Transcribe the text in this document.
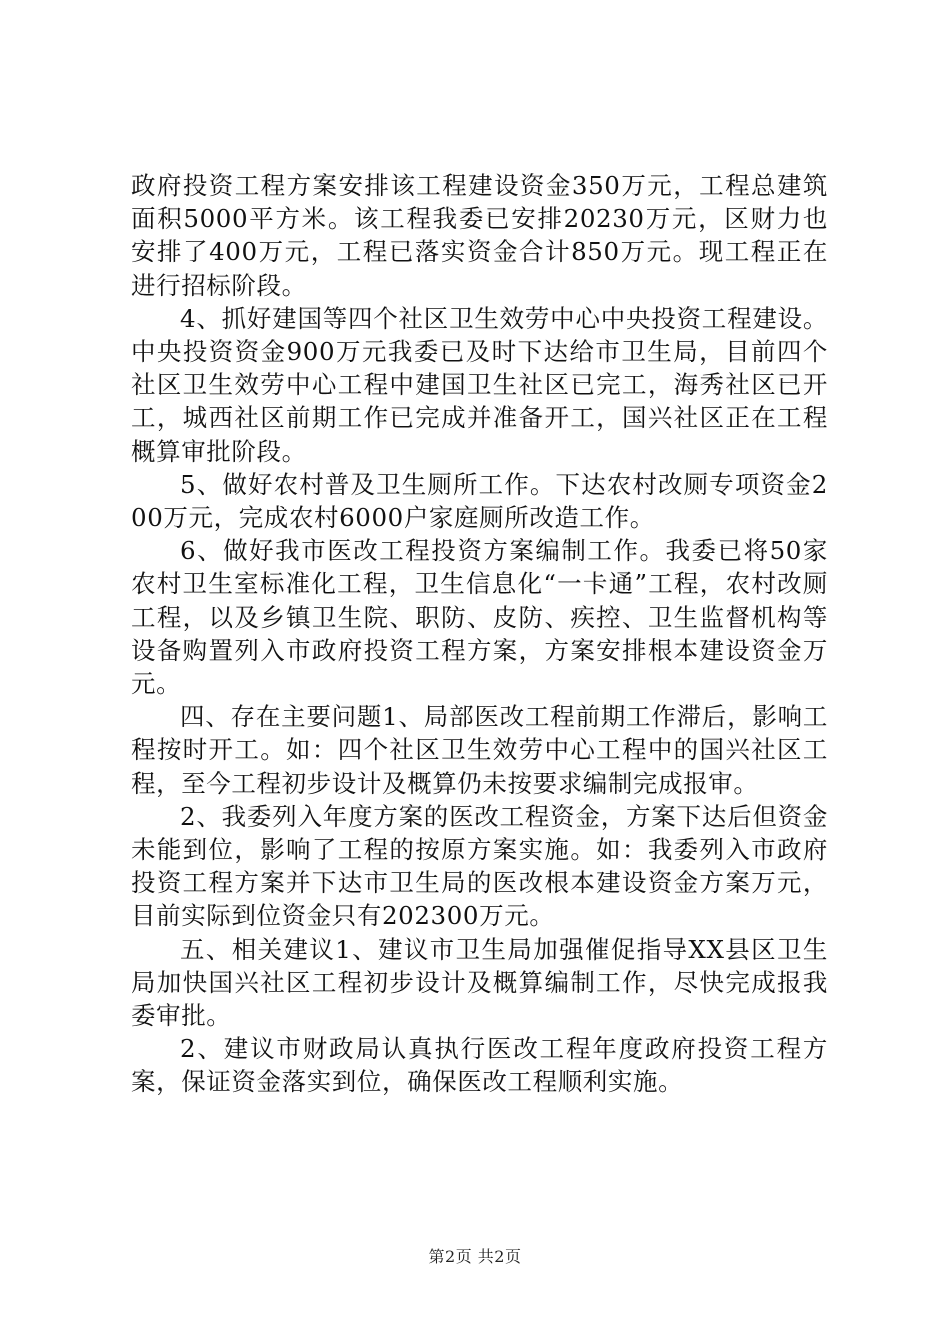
政府投资工程方案安排该工程建设资金350万元，工程总建筑面积5000平方米。该工程我委已安排20230万元，区财力也安排了400万元，工程已落实资金合计850万元。现工程正在进行招标阶段。

4、抓好建国等四个社区卫生效劳中心中央投资工程建设。中央投资资金900万元我委已及时下达给市卫生局，目前四个社区卫生效劳中心工程中建国卫生社区已完工，海秀社区已开工，城西社区前期工作已完成并准备开工，国兴社区正在工程概算审批阶段。

5、做好农村普及卫生厕所工作。下达农村改厕专项资金200万元，完成农村6000户家庭厕所改造工作。

6、做好我市医改工程投资方案编制工作。我委已将50家农村卫生室标准化工程，卫生信息化“一卡通”工程，农村改厕工程，以及乡镇卫生院、职防、皮防、疾控、卫生监督机构等设备购置列入市政府投资工程方案，方案安排根本建设资金万元。

四、存在主要问题1、局部医改工程前期工作滞后，影响工程按时开工。如：四个社区卫生效劳中心工程中的国兴社区工程，至今工程初步设计及概算仍未按要求编制完成报审。

2、我委列入年度方案的医改工程资金，方案下达后但资金未能到位，影响了工程的按原方案实施。如：我委列入市政府投资工程方案并下达市卫生局的医改根本建设资金方案万元，目前实际到位资金只有202300万元。

五、相关建议1、建议市卫生局加强催促指导XX县区卫生局加快国兴社区工程初步设计及概算编制工作，尽快完成报我委审批。

2、建议市财政局认真执行医改工程年度政府投资工程方案，保证资金落实到位，确保医改工程顺利实施。

第2页 共2页
